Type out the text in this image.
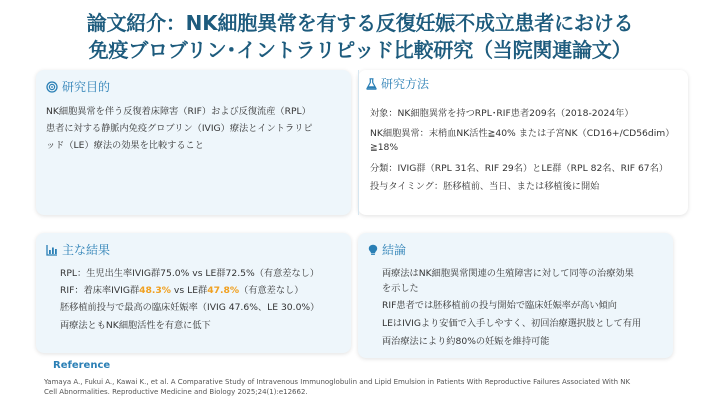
論文紹介：NK細胞異常を有する反復妊娠不成立患者における
免疫ブロブリン･イントラリピッド比較研究（当院関連論文）
研究目的
NK細胞異常を伴う反復着床障害（RIF）および反復流産（RPL）
患者に対する静脈内免疫グロブリン（IVIG）療法とイントラリピ
ッド（LE）療法の効果を比較すること
研究方法
対象：NK細胞異常を持つRPL･RIF患者209名（2018-2024年）
NK細胞異常：末梢血NK活性≧40% または子宮NK（CD16+/CD56dim）
≧18%
分類：IVIG群（RPL 31名、RIF 29名）とLE群（RPL 82名、RIF 67名）
投与タイミング：胚移植前、当日、または移植後に開始
主な結果
RPL：生児出生率IVIG群75.0% vs LE群72.5%（有意差なし）
RIF：着床率IVIG群48.3% vs LE群47.8%（有意差なし）
胚移植前投与で最高の臨床妊娠率（IVIG 47.6%、LE 30.0%）
両療法ともNK細胞活性を有意に低下
結論
両療法はNK細胞異常関連の生殖障害に対して同等の治療効果
を示した
RIF患者では胚移植前の投与開始で臨床妊娠率が高い傾向
LEはIVIGより安価で入手しやすく、初回治療選択肢として有用
両治療法により約80%の妊娠を維持可能
Reference
Yamaya A., Fukui A., Kawai K., et al. A Comparative Study of Intravenous Immunoglobulin and Lipid Emulsion in Patients With Reproductive Failures Associated With NK
Cell Abnormalities. Reproductive Medicine and Biology 2025;24(1):e12662.
